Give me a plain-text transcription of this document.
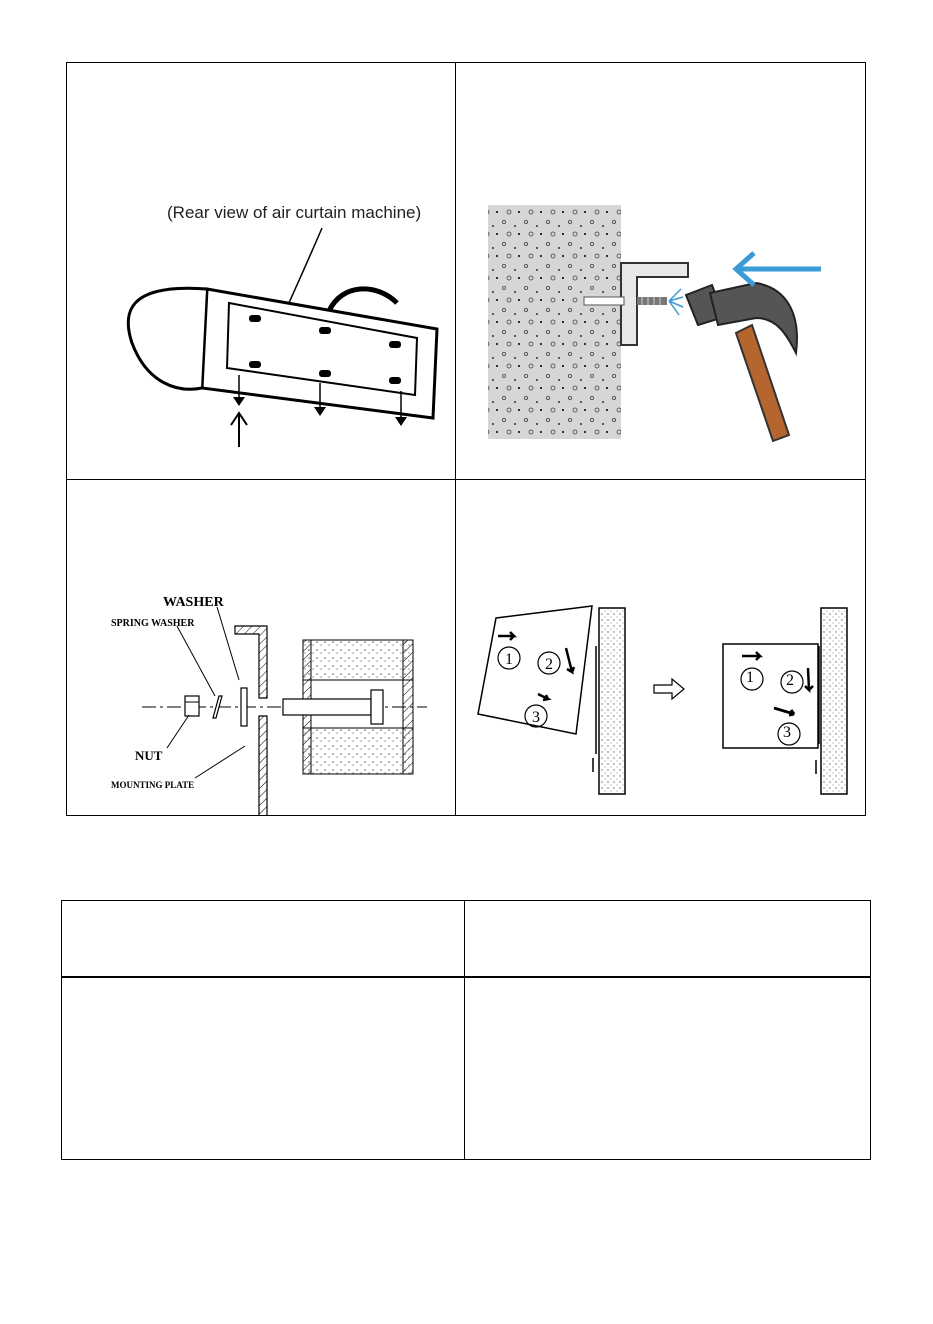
(Rear view of air curtain machine)
WASHER
SPRING WASHER
NUT
MOUNTING PLATE
1 2
3
1 2
3
